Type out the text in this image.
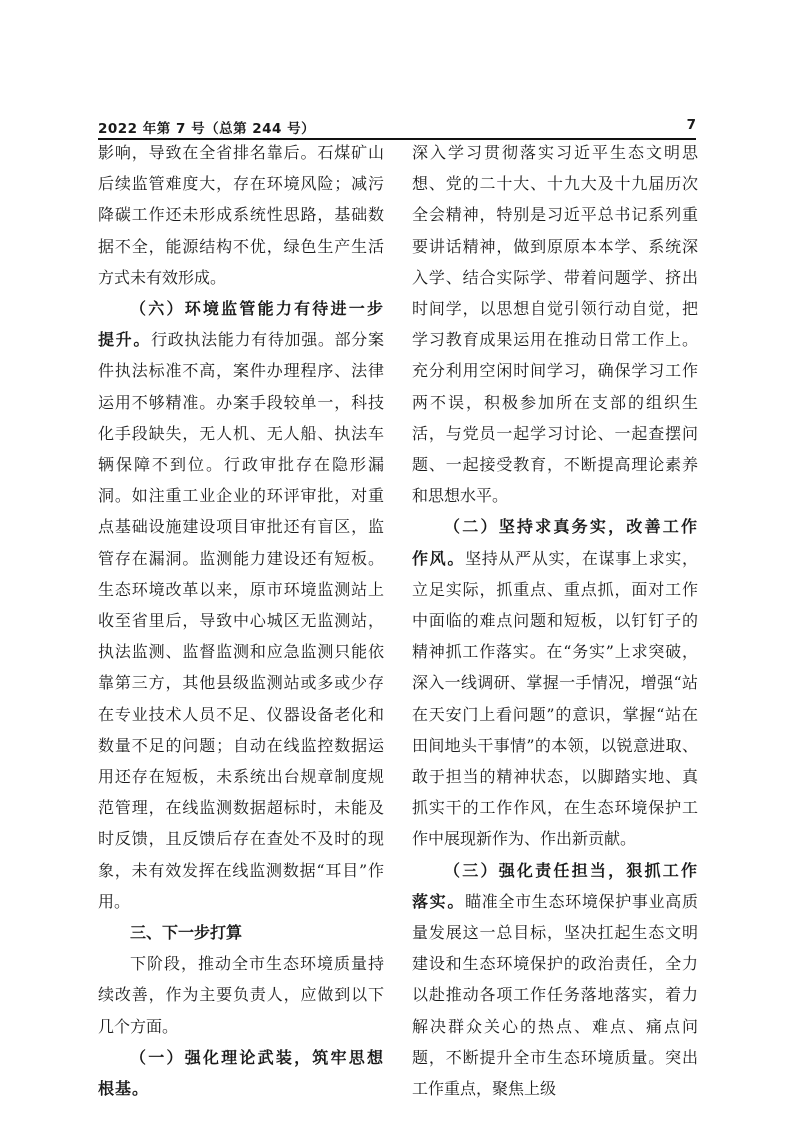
2022 年第 7 号（总第 244 号）	7

影响，导致在全省排名靠后。石煤矿山后续监管难度大，存在环境风险；减污降碳工作还未形成系统性思路，基础数据不全，能源结构不优，绿色生产生活方式未有效形成。

（六）环境监管能力有待进一步提升。行政执法能力有待加强。部分案件执法标准不高，案件办理程序、法律运用不够精准。办案手段较单一，科技化手段缺失，无人机、无人船、执法车辆保障不到位。行政审批存在隐形漏洞。如注重工业企业的环评审批，对重点基础设施建设项目审批还有盲区，监管存在漏洞。监测能力建设还有短板。生态环境改革以来，原市环境监测站上收至省里后，导致中心城区无监测站，执法监测、监督监测和应急监测只能依靠第三方，其他县级监测站或多或少存在专业技术人员不足、仪器设备老化和数量不足的问题；自动在线监控数据运用还存在短板，未系统出台规章制度规范管理，在线监测数据超标时，未能及时反馈，且反馈后存在查处不及时的现象，未有效发挥在线监测数据“耳目”作用。

三、下一步打算

下阶段，推动全市生态环境质量持续改善，作为主要负责人，应做到以下几个方面。

（一）强化理论武装，筑牢思想根基。

深入学习贯彻落实习近平生态文明思想、党的二十大、十九大及十九届历次全会精神，特别是习近平总书记系列重要讲话精神，做到原原本本学、系统深入学、结合实际学、带着问题学、挤出时间学，以思想自觉引领行动自觉，把学习教育成果运用在推动日常工作上。充分利用空闲时间学习，确保学习工作两不误，积极参加所在支部的组织生活，与党员一起学习讨论、一起查摆问题、一起接受教育，不断提高理论素养和思想水平。

（二）坚持求真务实，改善工作作风。坚持从严从实，在谋事上求实，立足实际，抓重点、重点抓，面对工作中面临的难点问题和短板，以钉钉子的精神抓工作落实。在“务实”上求突破，深入一线调研、掌握一手情况，增强“站在天安门上看问题”的意识，掌握“站在田间地头干事情”的本领，以锐意进取、敢于担当的精神状态，以脚踏实地、真抓实干的工作作风，在生态环境保护工作中展现新作为、作出新贡献。

（三）强化责任担当，狠抓工作落实。瞄准全市生态环境保护事业高质量发展这一总目标，坚决扛起生态文明建设和生态环境保护的政治责任，全力以赴推动各项工作任务落地落实，着力解决群众关心的热点、难点、痛点问题，不断提升全市生态环境质量。突出工作重点，聚焦上级
